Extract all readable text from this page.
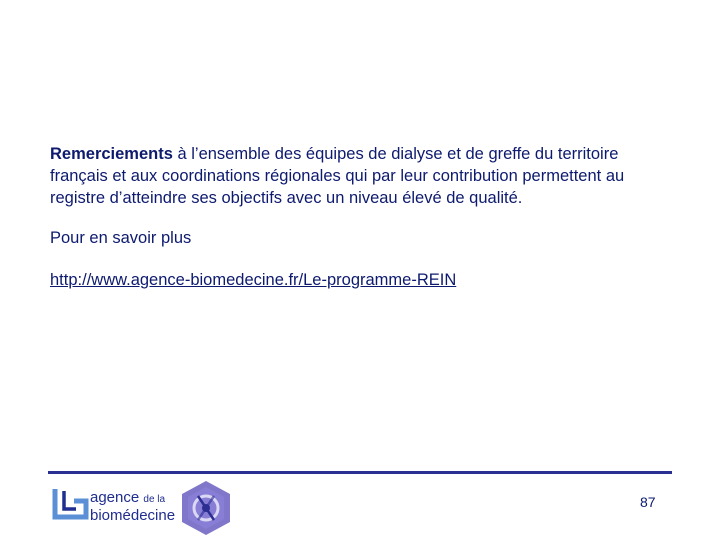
Remerciements à l’ensemble des équipes de dialyse et de greffe du territoire français et aux coordinations régionales qui par leur contribution permettent au registre d’atteindre ses objectifs avec un niveau élevé de qualité.

Pour en savoir plus
http://www.agence-biomedecine.fr/Le-programme-REIN
agence de la
biomédecine
87
